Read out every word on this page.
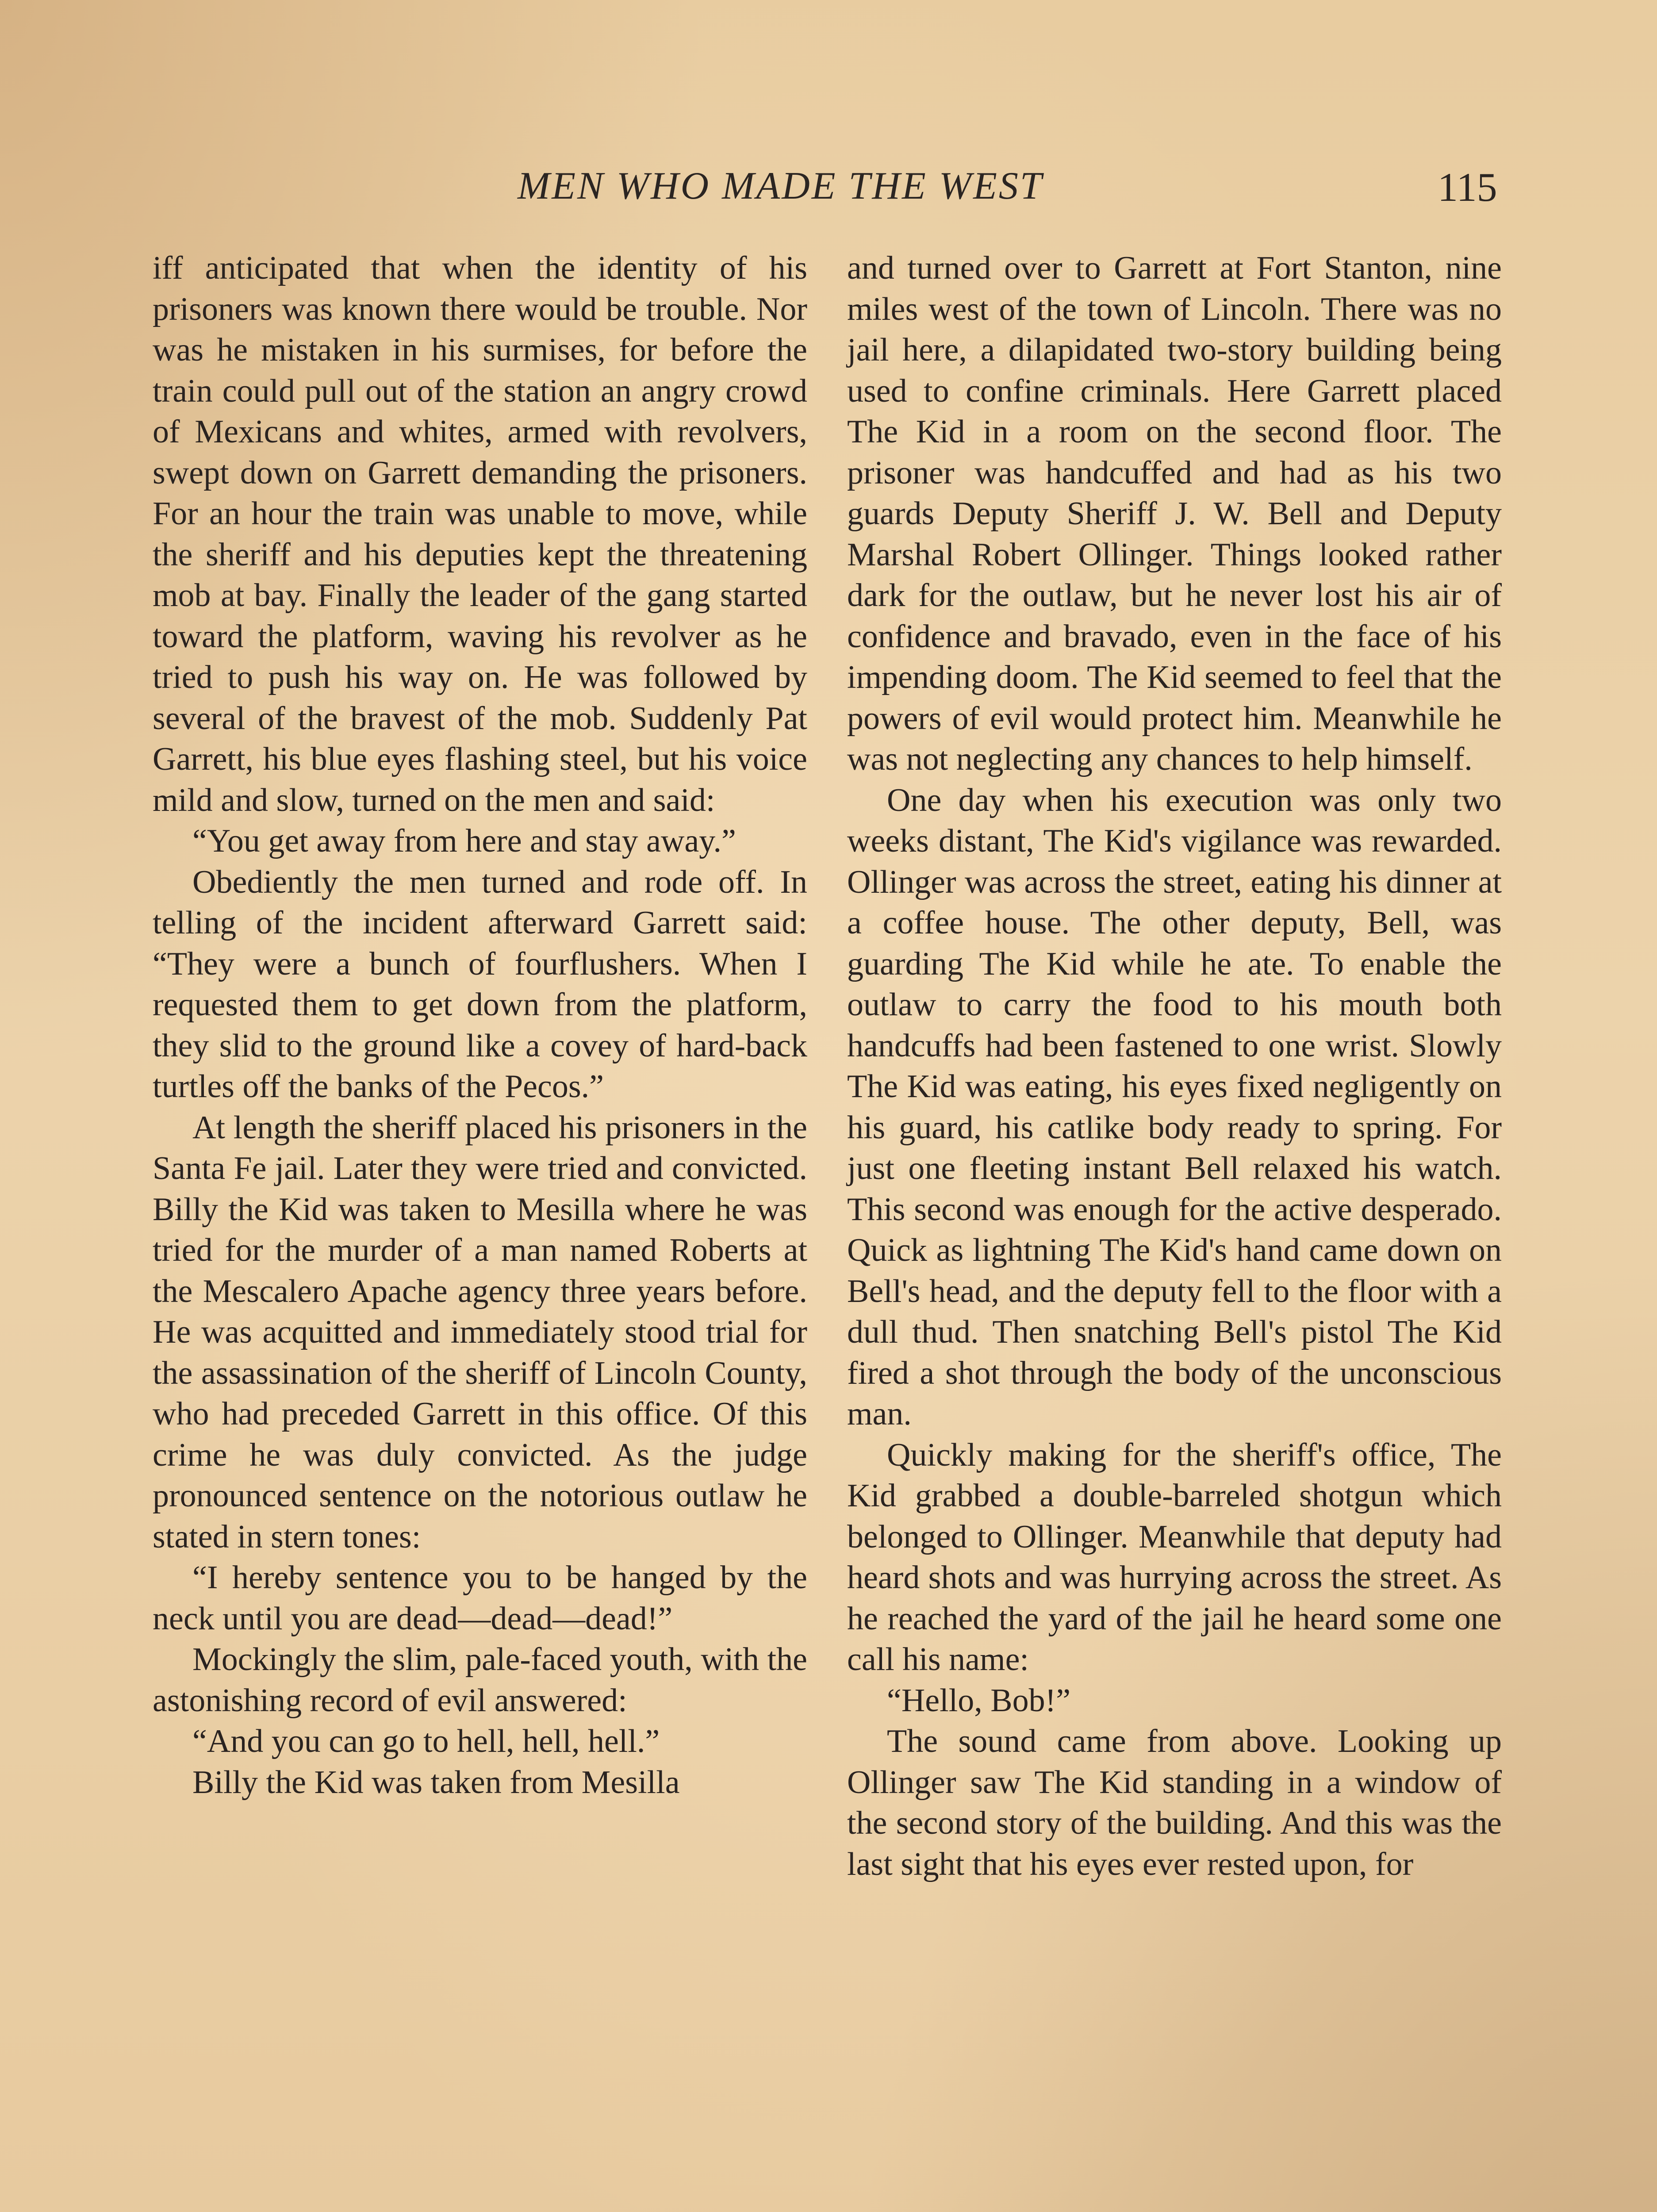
MEN WHO MADE THE WEST	115

iff anticipated that when the identity of his prisoners was known there would be trouble. Nor was he mistaken in his surmises, for before the train could pull out of the station an angry crowd of Mexicans and whites, armed with revolvers, swept down on Garrett demanding the prisoners. For an hour the train was unable to move, while the sheriff and his deputies kept the threatening mob at bay. Finally the leader of the gang started toward the platform, waving his revolver as he tried to push his way on. He was followed by several of the bravest of the mob. Suddenly Pat Garrett, his blue eyes flashing steel, but his voice mild and slow, turned on the men and said:

“You get away from here and stay away.”

Obediently the men turned and rode off. In telling of the incident afterward Garrett said: “They were a bunch of fourflushers. When I requested them to get down from the platform, they slid to the ground like a covey of hard-back turtles off the banks of the Pecos.”

At length the sheriff placed his prisoners in the Santa Fe jail. Later they were tried and convicted. Billy the Kid was taken to Mesilla where he was tried for the murder of a man named Roberts at the Mescalero Apache agency three years before. He was acquitted and immediately stood trial for the assassination of the sheriff of Lincoln County, who had preceded Garrett in this office. Of this crime he was duly convicted. As the judge pronounced sentence on the notorious outlaw he stated in stern tones:

“I hereby sentence you to be hanged by the neck until you are dead—dead—dead!”

Mockingly the slim, pale-faced youth, with the astonishing record of evil answered:

“And you can go to hell, hell, hell.”

Billy the Kid was taken from Mesilla

and turned over to Garrett at Fort Stanton, nine miles west of the town of Lincoln. There was no jail here, a dilapidated two-story building being used to confine criminals. Here Garrett placed The Kid in a room on the second floor. The prisoner was handcuffed and had as his two guards Deputy Sheriff J. W. Bell and Deputy Marshal Robert Ollinger. Things looked rather dark for the outlaw, but he never lost his air of confidence and bravado, even in the face of his impending doom. The Kid seemed to feel that the powers of evil would protect him. Meanwhile he was not neglecting any chances to help himself.

One day when his execution was only two weeks distant, The Kid's vigilance was rewarded. Ollinger was across the street, eating his dinner at a coffee house. The other deputy, Bell, was guarding The Kid while he ate. To enable the outlaw to carry the food to his mouth both handcuffs had been fastened to one wrist. Slowly The Kid was eating, his eyes fixed negligently on his guard, his catlike body ready to spring. For just one fleeting instant Bell relaxed his watch. This second was enough for the active desperado. Quick as lightning The Kid's hand came down on Bell's head, and the deputy fell to the floor with a dull thud. Then snatching Bell's pistol The Kid fired a shot through the body of the unconscious man.

Quickly making for the sheriff's office, The Kid grabbed a double-barreled shotgun which belonged to Ollinger. Meanwhile that deputy had heard shots and was hurrying across the street. As he reached the yard of the jail he heard some one call his name:

“Hello, Bob!”

The sound came from above. Looking up Ollinger saw The Kid standing in a window of the second story of the building. And this was the last sight that his eyes ever rested upon, for
